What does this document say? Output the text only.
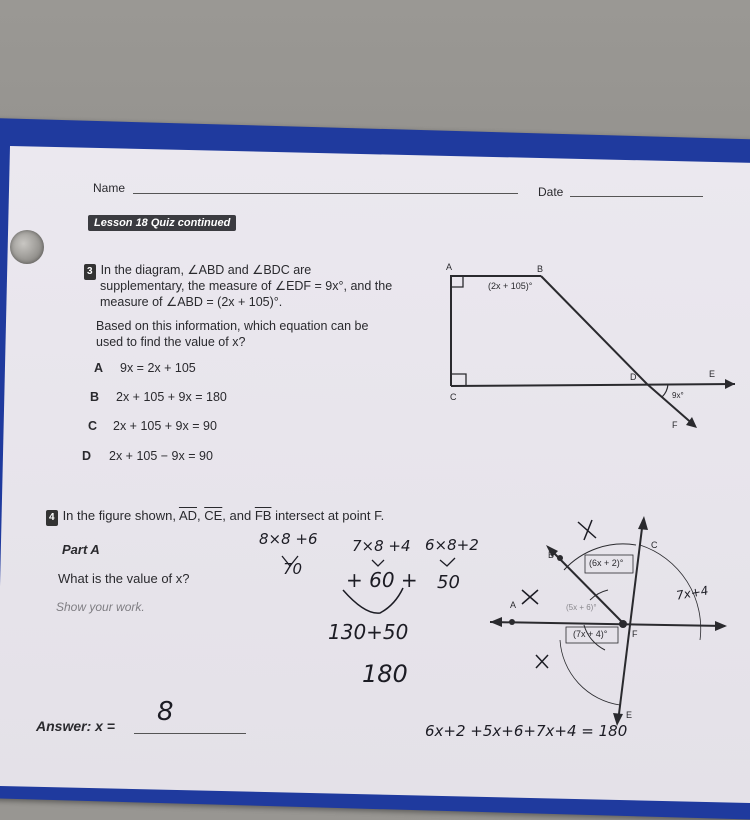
Name	Date
Lesson 18 Quiz continued
3 In the diagram, ∠ABD and ∠BDC are
supplementary, the measure of ∠EDF = 9x°, and the
measure of ∠ABD = (2x + 105)°.
Based on this information, which equation can be
used to find the value of x?
A 9x = 2x + 105
B 2x + 105 + 9x = 180
C 2x + 105 + 9x = 90
D 2x + 105 − 9x = 90
A	B
C
D	E
F
(2x + 105)°
9x°
4 In the figure shown, $\overline{AD}$, $\overline{CE}$, and $\overline{FB}$ intersect at point F.
Part A
What is the value of x?
Show your work.
Answer: x = 8
A
B
C
E
F
(6x + 2)°
(5x + 6)°
(7x + 4)°
8×8 +6
70
7×8 +4
+ 60 +
6×8+2
50
130+50
180
6x+2 +5x+6+7x+4 = 180
7x+4
